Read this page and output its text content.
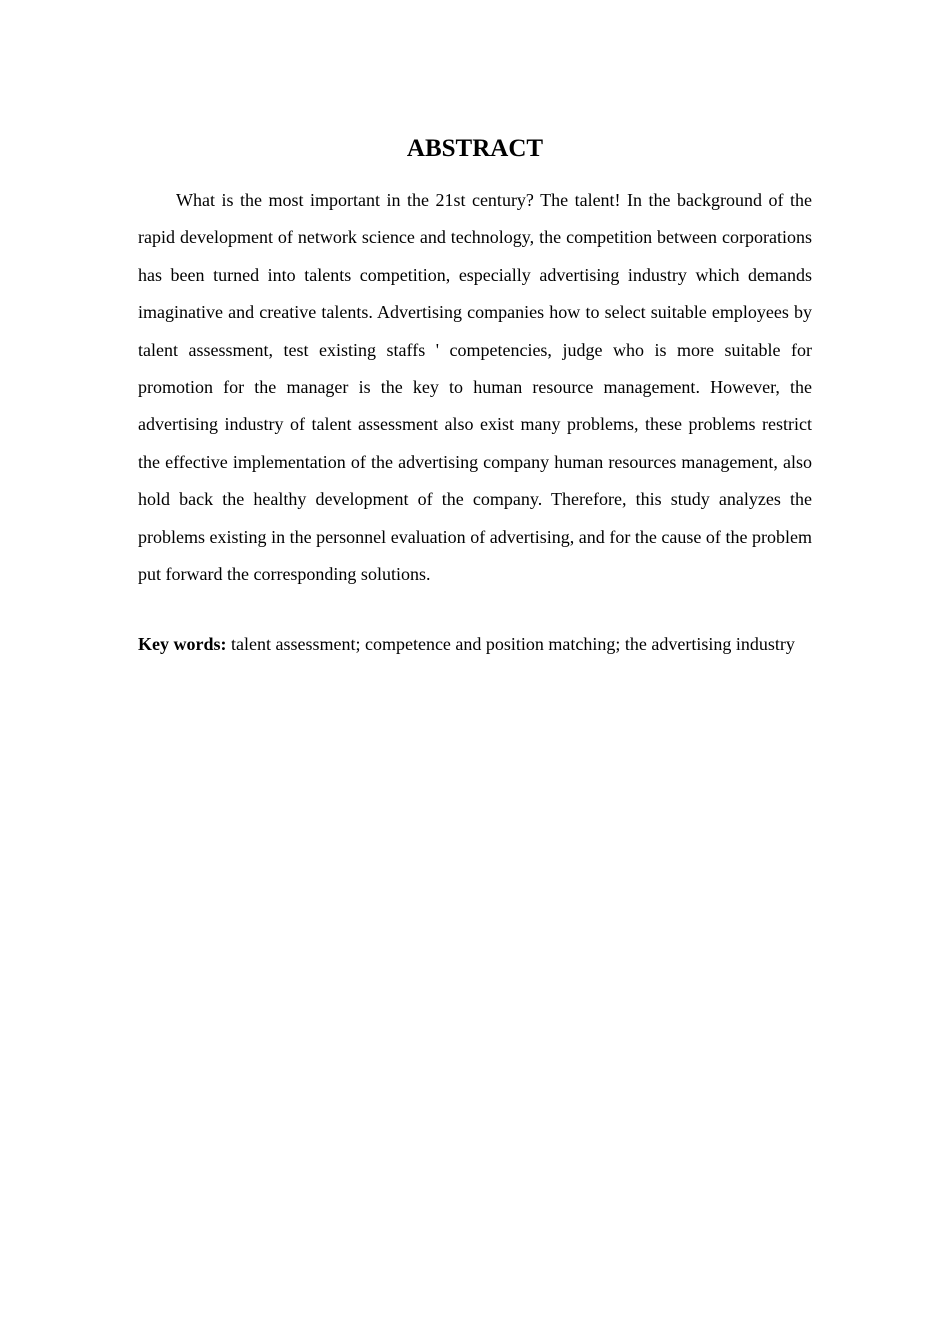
ABSTRACT

What is the most important in the 21st century? The talent! In the background of the rapid development of network science and technology, the competition between corporations has been turned into talents competition, especially advertising industry which demands imaginative and creative talents. Advertising companies how to select suitable employees by talent assessment, test existing staffs ' competencies, judge who is more suitable for promotion for the manager is the key to human resource management. However, the advertising industry of talent assessment also exist many problems, these problems restrict the effective implementation of the advertising company human resources management, also hold back the healthy development of the company. Therefore, this study analyzes the problems existing in the personnel evaluation of advertising, and for the cause of the problem put forward the corresponding solutions.

Key words: talent assessment; competence and position matching; the advertising industry
